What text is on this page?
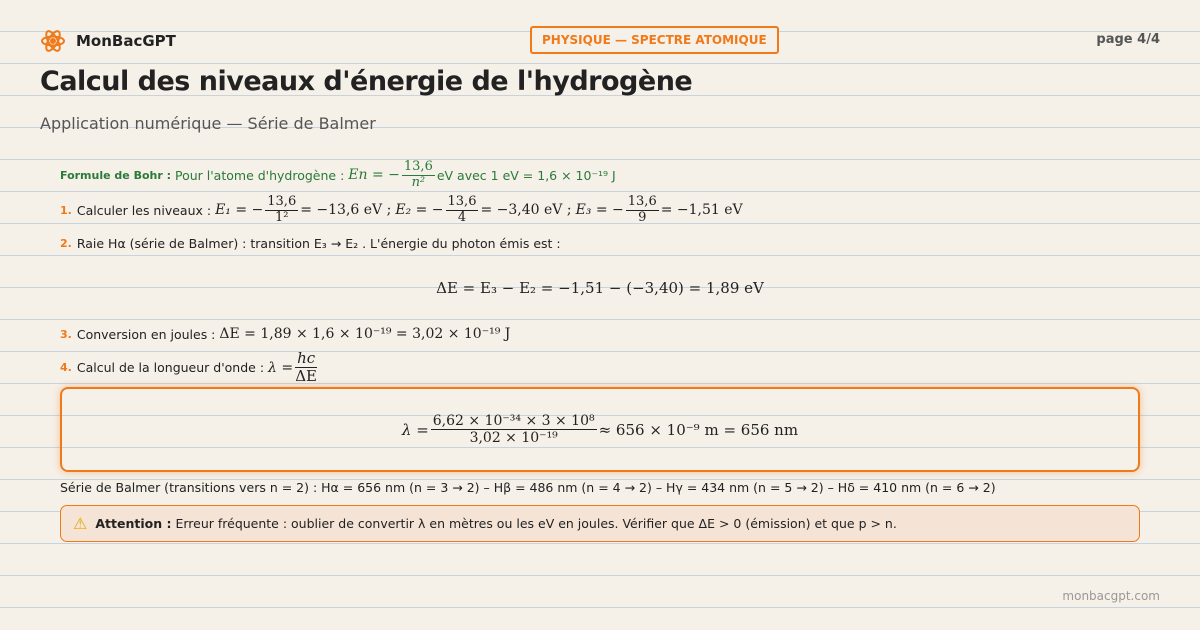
MonBacGPT	PHYSIQUE — SPECTRE ATOMIQUE	page 4/4
Calcul des niveaux d'énergie de l'hydrogène
Application numérique — Série de Balmer
Formule de Bohr : Pour l'atome d'hydrogène :
En = − $\frac{13,6}{\text{n²}}$ eV avec 1 eV = 1,6 × 10⁻¹⁹ J
1. Calculer les niveaux :
E₁ = − $\frac{13,6}{\text{1²}} = -13,6$ eV ;
E₂ = − $\frac{13,6}{4} = -3,40$ eV ;
E₃ = − $\frac{13,6}{9} = -1,51$ eV
2. Raie Hα (série de Balmer) : transition E₃ → E₂ . L'énergie du photon émis est :
ΔE = E₃ − E₂ = −1,51 − (−3,40) = 1,89 eV
3. Conversion en joules :
ΔE = 1,89 × 1,6 × 10⁻¹⁹ = 3,02 × 10⁻¹⁹ J
4. Calcul de la longueur d'onde :
$\lambda = \frac{hc}{\Delta E}$
$\lambda = \frac{\text{6,62 × 10⁻³⁴ × 3 × 10⁸}}{\text{3,02 × 10⁻¹⁹}} \approx 656 \times 10^{-9}$ m = 656 nm
Série de Balmer (transitions vers n = 2) : Hα = 656 nm (n = 3 → 2) – Hβ = 486 nm (n = 4 → 2) – Hγ = 434 nm (n = 5 → 2) – Hδ = 410 nm (n = 6 → 2)
⚠ Attention : Erreur fréquente : oublier de convertir λ en mètres ou les eV en joules. Vérifier que ΔE > 0 (émission) et que p > n.
monbacgpt.com
